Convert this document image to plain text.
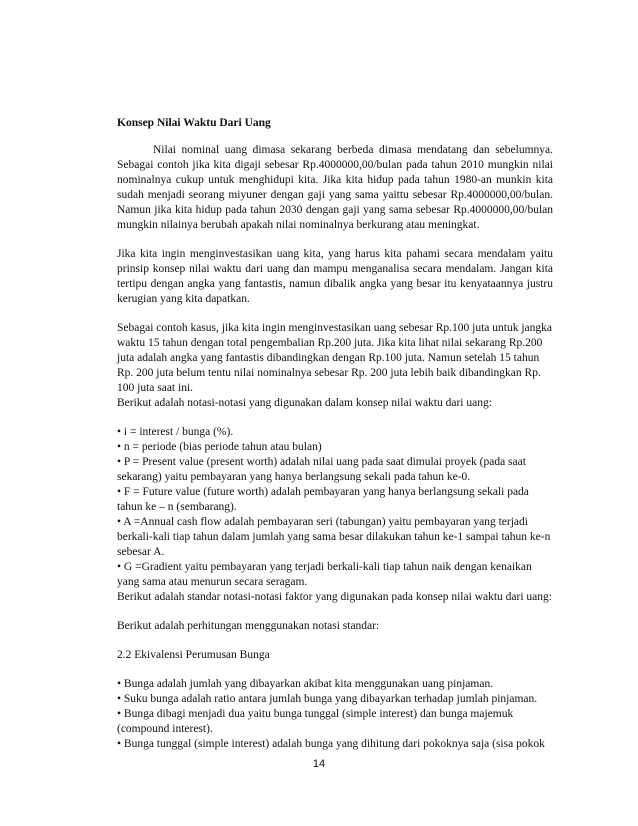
Konsep Nilai Waktu Dari Uang

Nilai nominal uang dimasa sekarang berbeda dimasa mendatang dan sebelumnya. Sebagai contoh jika kita digaji sebesar Rp.4000000,00/bulan pada tahun 2010 mungkin nilai nominalnya cukup untuk menghidupi kita. Jika kita hidup pada tahun 1980-an munkin kita sudah menjadi seorang miyuner dengan gaji yang sama yaittu sebesar Rp.4000000,00/bulan. Namun jika kita hidup pada tahun 2030 dengan gaji yang sama sebesar Rp.4000000,00/bulan mungkin nilainya berubah apakah nilai nominalnya berkurang atau meningkat.

Jika kita ingin menginvestasikan uang kita, yang harus kita pahami secara mendalam yaitu prinsip konsep nilai waktu dari uang dan mampu menganalisa secara mendalam. Jangan kita tertipu dengan angka yang fantastis, namun dibalik angka yang besar itu kenyataannya justru kerugian yang kita dapatkan.

Sebagai contoh kasus, jika kita ingin menginvestasikan uang sebesar Rp.100 juta untuk jangka waktu 15 tahun dengan total pengembalian Rp.200 juta. Jika kita lihat nilai sekarang Rp.200 juta adalah angka yang fantastis dibandingkan dengan Rp.100 juta. Namun setelah 15 tahun Rp. 200 juta belum tentu nilai nominalnya sebesar Rp. 200 juta lebih baik dibandingkan Rp. 100 juta saat ini.

Berikut adalah notasi-notasi yang digunakan dalam konsep nilai waktu dari uang:

• i = interest / bunga (%).
• n = periode (bias periode tahun atau bulan)
• P = Present value (present worth) adalah nilai uang pada saat dimulai proyek (pada saat sekarang) yaitu pembayaran yang hanya berlangsung sekali pada tahun ke-0.
• F = Future value (future worth) adalah pembayaran yang hanya berlangsung sekali pada tahun ke – n (sembarang).
• A =Annual cash flow adalah pembayaran seri (tabungan) yaitu pembayaran yang terjadi berkali-kali tiap tahun dalam jumlah yang sama besar dilakukan tahun ke-1 sampai tahun ke-n sebesar A.
• G =Gradient yaitu pembayaran yang terjadi berkali-kali tiap tahun naik dengan kenaikan yang sama atau menurun secara seragam.

Berikut adalah standar notasi-notasi faktor yang digunakan pada konsep nilai waktu dari uang:

Berikut adalah perhitungan menggunakan notasi standar:

2.2 Ekivalensi Perumusan Bunga

• Bunga adalah jumlah yang dibayarkan akibat kita menggunakan uang pinjaman.
• Suku bunga adalah ratio antara jumlah bunga yang dibayarkan terhadap jumlah pinjaman.
• Bunga dibagi menjadi dua yaitu bunga tunggal (simple interest) dan bunga majemuk (compound interest).
• Bunga tunggal (simple interest) adalah bunga yang dihitung dari pokoknya saja (sisa pokok
14
